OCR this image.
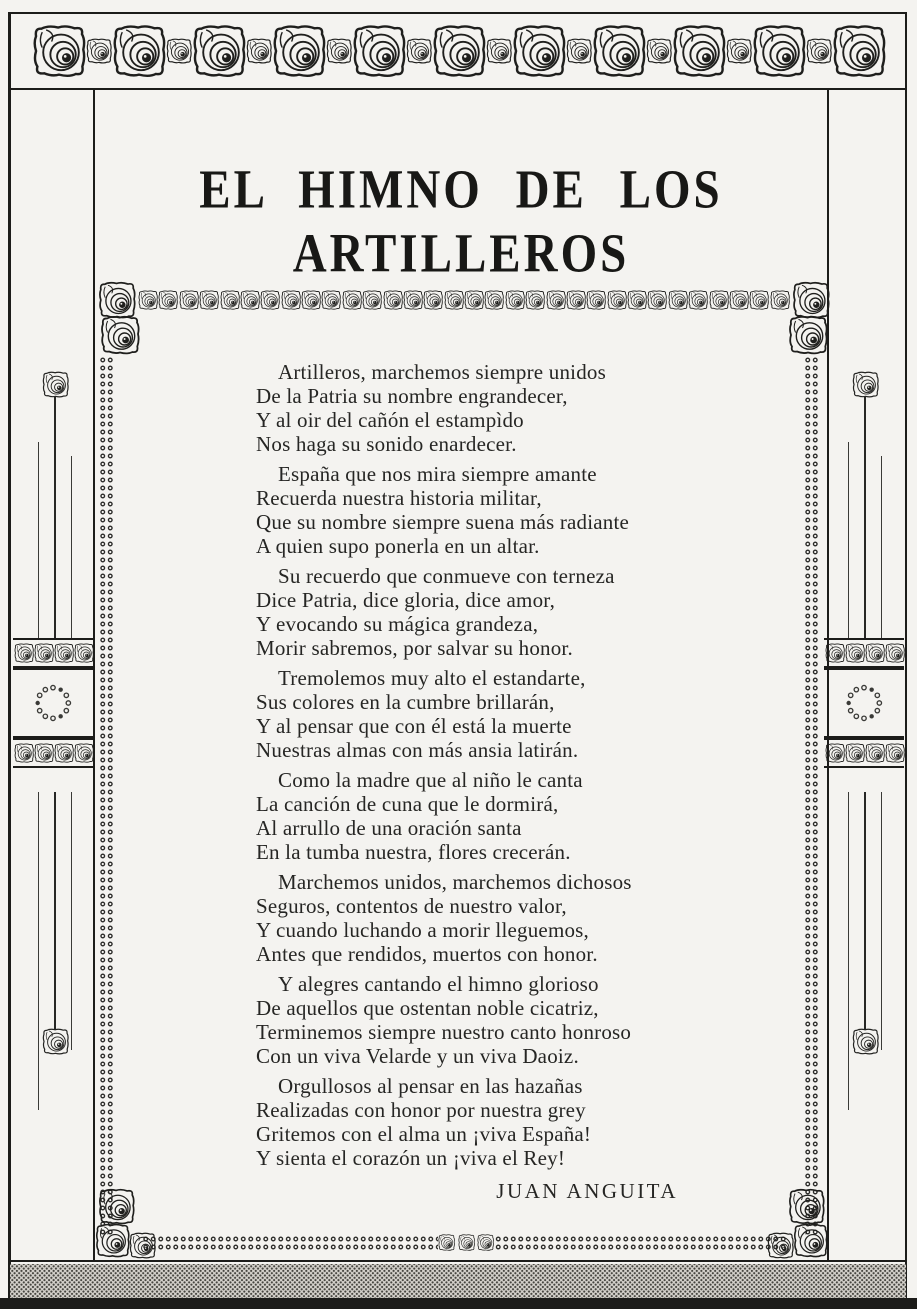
EL HIMNO DE LOS ARTILLEROS
Artilleros, marchemos siempre unidos
De la Patria su nombre engrandecer,
Y al oir del cañón el estampìdo
Nos haga su sonido enardecer.
España que nos mira siempre amante
Recuerda nuestra historia militar,
Que su nombre siempre suena más radiante
A quien supo ponerla en un altar.
Su recuerdo que conmueve con terneza
Dice Patria, dice gloria, dice amor,
Y evocando su mágica grandeza,
Morir sabremos, por salvar su honor.
Tremolemos muy alto el estandarte,
Sus colores en la cumbre brillarán,
Y al pensar que con él está la muerte
Nuestras almas con más ansia latirán.
Como la madre que al niño le canta
La canción de cuna que le dormirá,
Al arrullo de una oración santa
En la tumba nuestra, flores crecerán.
Marchemos unidos, marchemos dichosos
Seguros, contentos de nuestro valor,
Y cuando luchando a morir lleguemos,
Antes que rendidos, muertos con honor.
Y alegres cantando el himno glorioso
De aquellos que ostentan noble cicatriz,
Terminemos siempre nuestro canto honroso
Con un viva Velarde y un viva Daoiz.
Orgullosos al pensar en las hazañas
Realizadas con honor por nuestra grey
Gritemos con el alma un ¡viva España!
Y sienta el corazón un ¡viva el Rey!
JUAN ANGUITA
